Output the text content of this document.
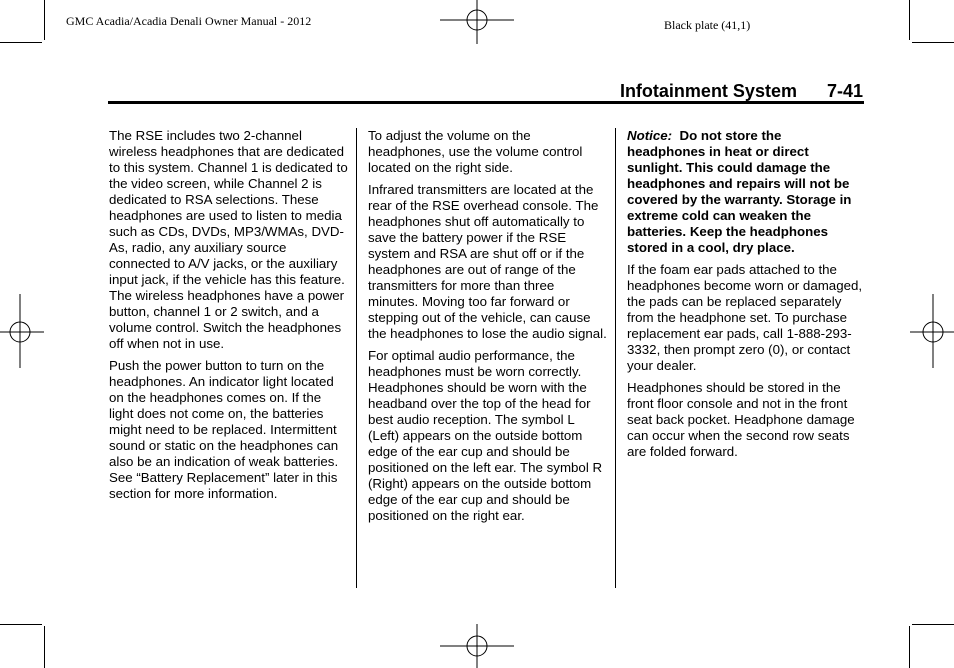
GMC Acadia/Acadia Denali Owner Manual - 2012	Black plate (41,1)
Infotainment System 7-41

The RSE includes two 2-channel wireless headphones that are dedicated to this system. Channel 1 is dedicated to the video screen, while Channel 2 is dedicated to RSA selections. These headphones are used to listen to media such as CDs, DVDs, MP3/WMAs, DVD-As, radio, any auxiliary source connected to A/V jacks, or the auxiliary input jack, if the vehicle has this feature. The wireless headphones have a power button, channel 1 or 2 switch, and a volume control. Switch the headphones off when not in use.

Push the power button to turn on the headphones. An indicator light located on the headphones comes on. If the light does not come on, the batteries might need to be replaced. Intermittent sound or static on the headphones can also be an indication of weak batteries. See “Battery Replacement” later in this section for more information.

To adjust the volume on the headphones, use the volume control located on the right side.

Infrared transmitters are located at the rear of the RSE overhead console. The headphones shut off automatically to save the battery power if the RSE system and RSA are shut off or if the headphones are out of range of the transmitters for more than three minutes. Moving too far forward or stepping out of the vehicle, can cause the headphones to lose the audio signal.

For optimal audio performance, the headphones must be worn correctly. Headphones should be worn with the headband over the top of the head for best audio reception. The symbol L (Left) appears on the outside bottom edge of the ear cup and should be positioned on the left ear. The symbol R (Right) appears on the outside bottom edge of the ear cup and should be positioned on the right ear.

Notice: Do not store the headphones in heat or direct sunlight. This could damage the headphones and repairs will not be covered by the warranty. Storage in extreme cold can weaken the batteries. Keep the headphones stored in a cool, dry place.

If the foam ear pads attached to the headphones become worn or damaged, the pads can be replaced separately from the headphone set. To purchase replacement ear pads, call 1-888-293-3332, then prompt zero (0), or contact your dealer.

Headphones should be stored in the front floor console and not in the front seat back pocket. Headphone damage can occur when the second row seats are folded forward.
